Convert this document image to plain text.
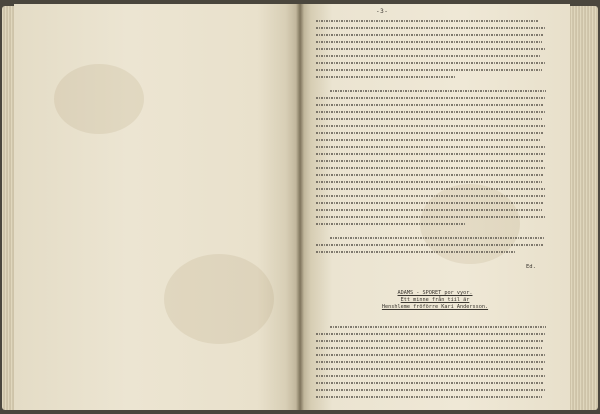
-3-
Ed.
ADAMS - SPORET por vyor.
Ett minne från tiil är
Henshleme fröförre Kari Andersson.
